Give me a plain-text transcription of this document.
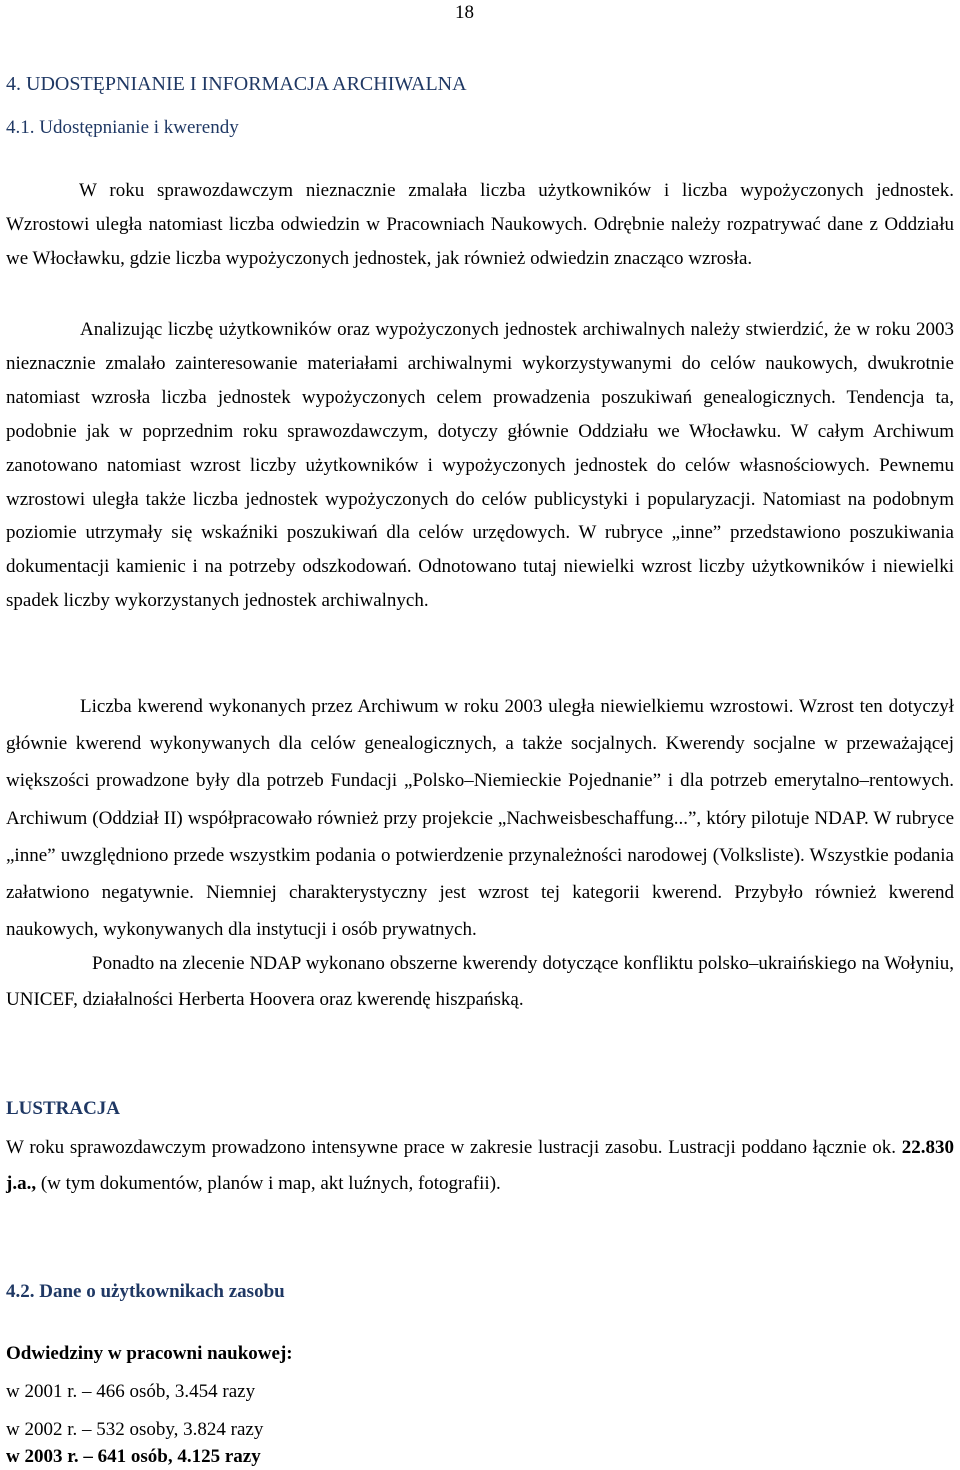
18
4. UDOSTĘPNIANIE I INFORMACJA ARCHIWALNA
4.1. Udostępnianie i kwerendy

W roku sprawozdawczym nieznacznie zmalała liczba użytkowników i liczba wypożyczonych jednostek. Wzrostowi uległa natomiast liczba odwiedzin w Pracowniach Naukowych. Odrębnie należy rozpatrywać dane z Oddziału we Włocławku, gdzie liczba wypożyczonych jednostek, jak również odwiedzin znacząco wzrosła.

Analizując liczbę użytkowników oraz wypożyczonych jednostek archiwalnych należy stwierdzić, że w roku 2003 nieznacznie zmalało zainteresowanie materiałami archiwalnymi wykorzystywanymi do celów naukowych, dwukrotnie natomiast wzrosła liczba jednostek wypożyczonych celem prowadzenia poszukiwań genealogicznych. Tendencja ta, podobnie jak w poprzednim roku sprawozdawczym, dotyczy głównie Oddziału we Włocławku. W całym Archiwum zanotowano natomiast wzrost liczby użytkowników i wypożyczonych jednostek do celów własnościowych. Pewnemu wzrostowi uległa także liczba jednostek wypożyczonych do celów publicystyki i popularyzacji. Natomiast na podobnym poziomie utrzymały się wskaźniki poszukiwań dla celów urzędowych. W rubryce „inne” przedstawiono poszukiwania dokumentacji kamienic i na potrzeby odszkodowań. Odnotowano tutaj niewielki wzrost liczby użytkowników i niewielki spadek liczby wykorzystanych jednostek archiwalnych.

Liczba kwerend wykonanych przez Archiwum w roku 2003 uległa niewielkiemu wzrostowi. Wzrost ten dotyczył głównie kwerend wykonywanych dla celów genealogicznych, a także socjalnych. Kwerendy socjalne w przeważającej większości prowadzone były dla potrzeb Fundacji „Polsko–Niemieckie Pojednanie” i dla potrzeb emerytalno–rentowych. Archiwum (Oddział II) współpracowało również przy projekcie „Nachweisbeschaffung...”, który pilotuje NDAP. W rubryce „inne” uwzględniono przede wszystkim podania o potwierdzenie przynależności narodowej (Volksliste). Wszystkie podania załatwiono negatywnie. Niemniej charakterystyczny jest wzrost tej kategorii kwerend. Przybyło również kwerend naukowych, wykonywanych dla instytucji i osób prywatnych.

Ponadto na zlecenie NDAP wykonano obszerne kwerendy dotyczące konfliktu polsko–ukraińskiego na Wołyniu, UNICEF, działalności Herberta Hoovera oraz kwerendę hiszpańską.

LUSTRACJA

W roku sprawozdawczym prowadzono intensywne prace w zakresie lustracji zasobu. Lustracji poddano łącznie ok. 22.830 j.a., (w tym dokumentów, planów i map, akt luźnych, fotografii).

4.2. Dane o użytkownikach zasobu
Odwiedziny w pracowni naukowej:
w 2001 r. – 466 osób, 3.454 razy
w 2002 r. – 532 osoby, 3.824 razy
w 2003 r. – 641 osób, 4.125 razy
